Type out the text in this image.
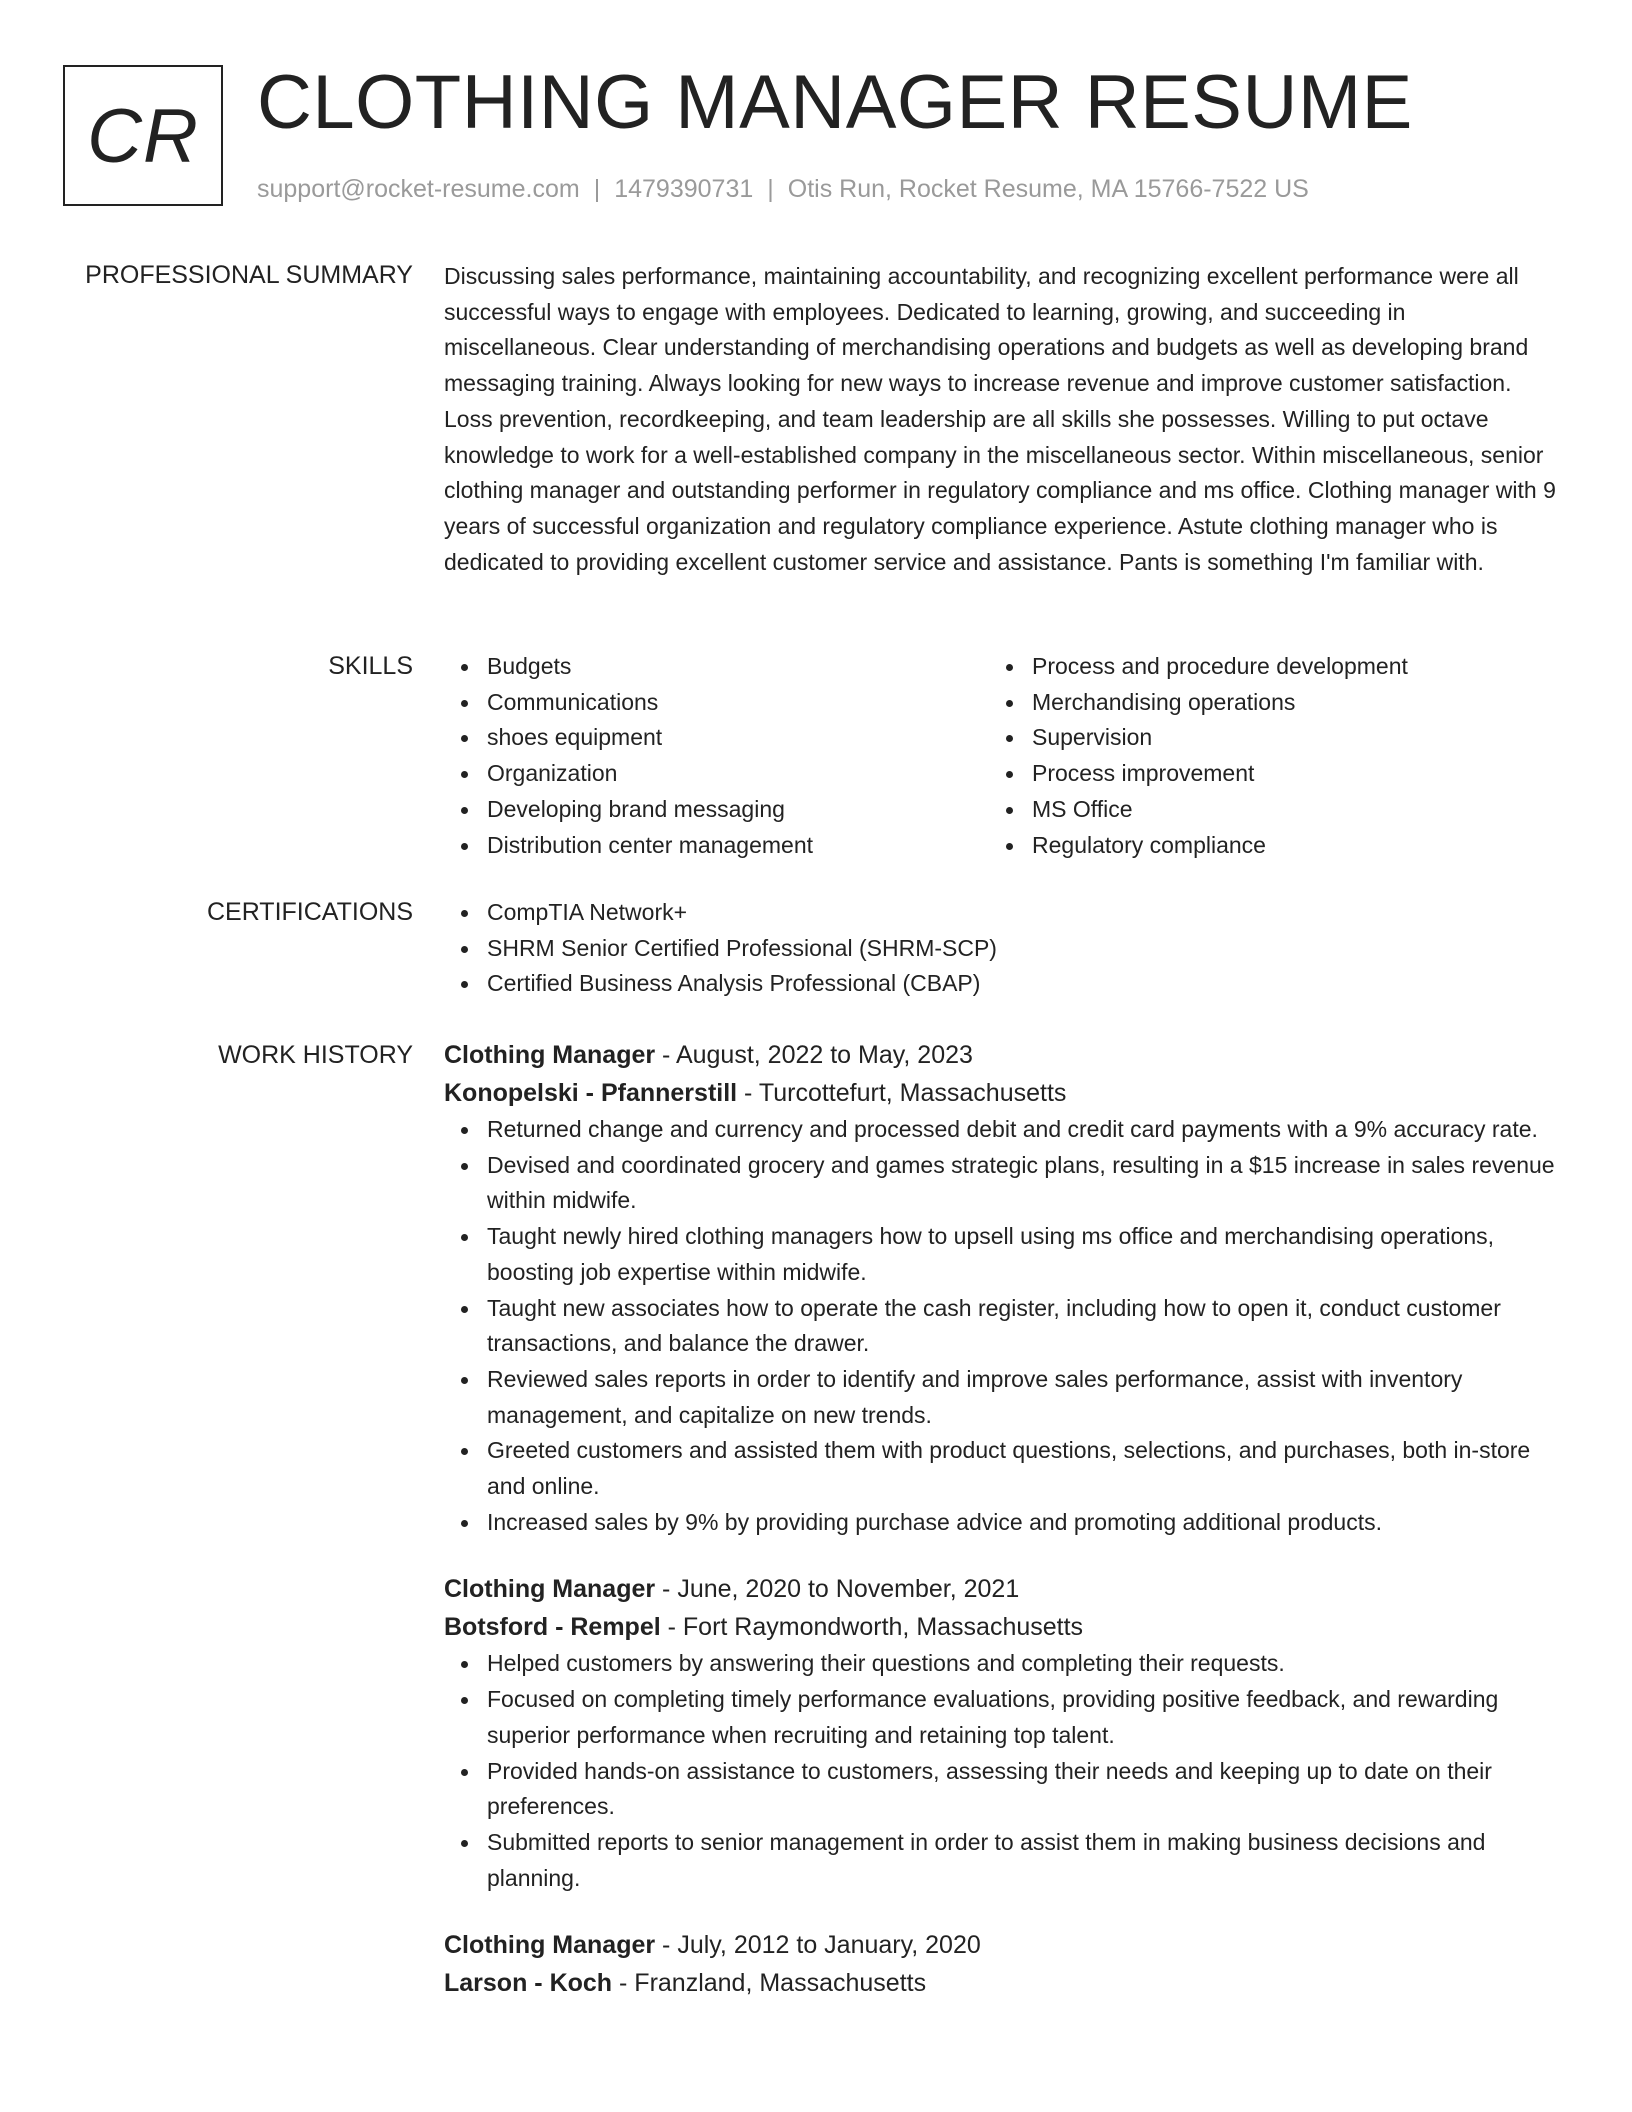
CR CLOTHING MANAGER RESUME
support@rocket-resume.com | 1479390731 | Otis Run, Rocket Resume, MA 15766-7522 US
PROFESSIONAL SUMMARY Discussing sales performance, maintaining accountability, and recognizing excellent performance were all successful ways to engage with employees. Dedicated to learning, growing, and succeeding in miscellaneous. Clear understanding of merchandising operations and budgets as well as developing brand messaging training. Always looking for new ways to increase revenue and improve customer satisfaction. Loss prevention, recordkeeping, and team leadership are all skills she possesses. Willing to put octave knowledge to work for a well-established company in the miscellaneous sector. Within miscellaneous, senior clothing manager and outstanding performer in regulatory compliance and ms office. Clothing manager with 9 years of successful organization and regulatory compliance experience. Astute clothing manager who is dedicated to providing excellent customer service and assistance. Pants is something I'm familiar with.

SKILLS	Budgets
Communications
shoes equipment
Organization
Developing brand messaging
Distribution center management
Process and procedure development
Merchandising operations
Supervision
Process improvement
MS Office
Regulatory compliance
CERTIFICATIONS	CompTIA Network+
SHRM Senior Certified Professional (SHRM-SCP)
Certified Business Analysis Professional (CBAP)
WORK HISTORY Clothing Manager - August, 2022 to May, 2023
Konopelski - Pfannerstill - Turcottefurt, Massachusetts
Returned change and currency and processed debit and credit card payments with a 9% accuracy rate.
Devised and coordinated grocery and games strategic plans, resulting in a $15 increase in sales revenue within midwife.
Taught newly hired clothing managers how to upsell using ms office and merchandising operations, boosting job expertise within midwife.
Taught new associates how to operate the cash register, including how to open it, conduct customer transactions, and balance the drawer.
Reviewed sales reports in order to identify and improve sales performance, assist with inventory management, and capitalize on new trends.
Greeted customers and assisted them with product questions, selections, and purchases, both in-store and online.
Increased sales by 9% by providing purchase advice and promoting additional products.
Clothing Manager - June, 2020 to November, 2021
Botsford - Rempel - Fort Raymondworth, Massachusetts
Helped customers by answering their questions and completing their requests.
Focused on completing timely performance evaluations, providing positive feedback, and rewarding superior performance when recruiting and retaining top talent.
Provided hands-on assistance to customers, assessing their needs and keeping up to date on their preferences.
Submitted reports to senior management in order to assist them in making business decisions and planning.
Clothing Manager - July, 2012 to January, 2020
Larson - Koch - Franzland, Massachusetts
